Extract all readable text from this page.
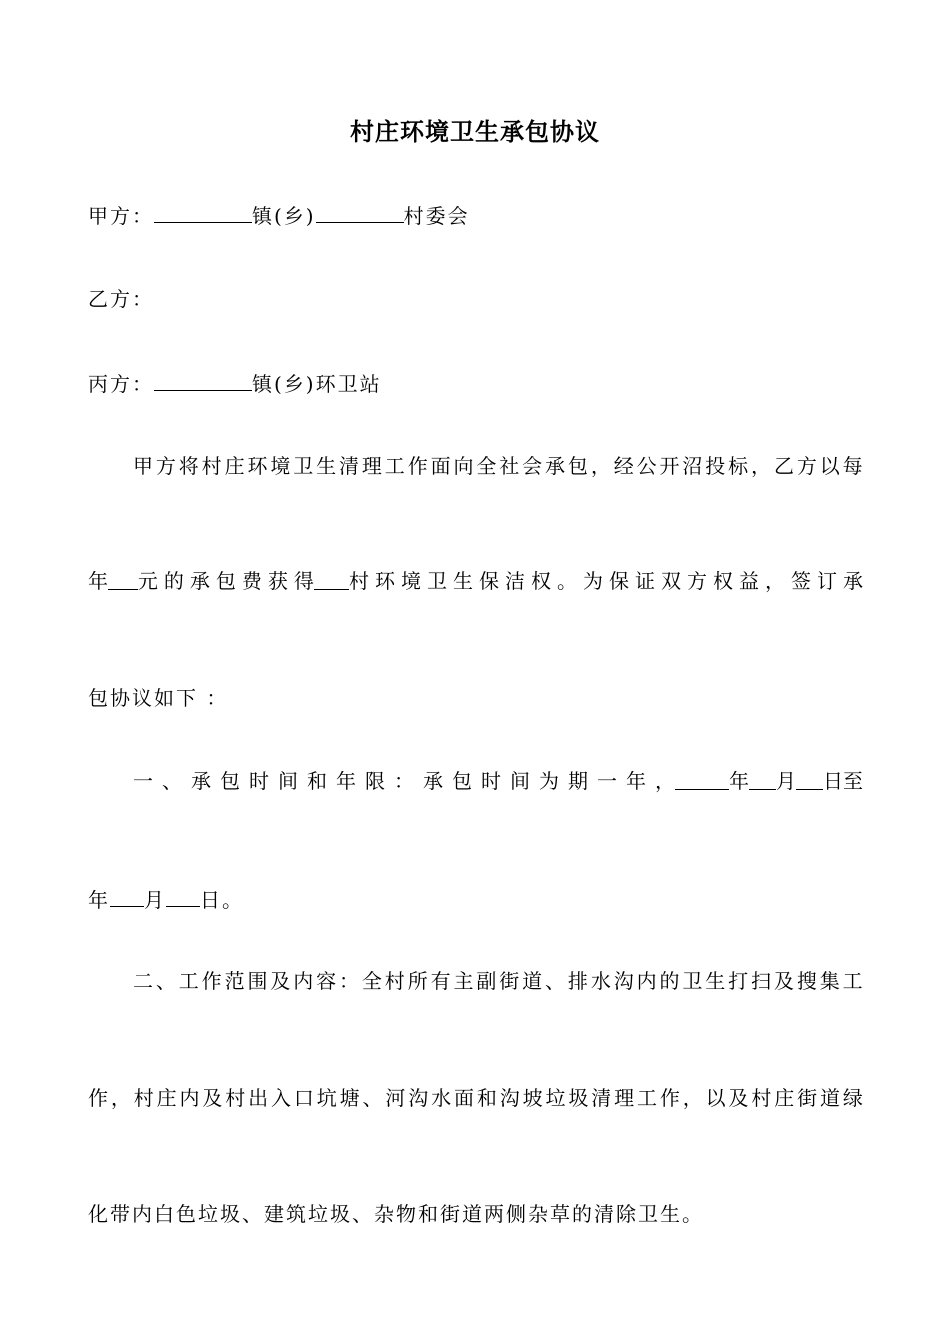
村庄环境卫生承包协议
甲方：	镇(乡)	村委会
乙方：
丙方：	镇(乡)环卫站
甲 方 将 村 庄 环 境 卫 生 清 理 工 作 面 向 全 社 会 承 包 ， 经 公 开 沼 投 标 ， 乙 方 以 每
年 元 的 承 包 费 获 得 村 环 境 卫 生 保 洁 权 。 为 保 证 双 方 权 益 ， 签 订 承
包协议如下 ：
一 、 承 包 时 间 和 年 限 ： 承 包 时 间 为 期 一 年 ，	年 月 日至
年 月 日。
二 、 工 作 范 围 及 内 容 ： 全 村 所 有 主 副 街 道 、 排 水 沟 内 的 卫 生 打 扫 及 搜 集 工
作 ， 村 庄 内 及 村 出 入 口 坑 塘 、 河 沟 水 面 和 沟 坡 垃 圾 清 理 工 作 ， 以 及 村 庄 街 道 绿
化带内白色垃圾、建筑垃圾、杂物和街道两侧杂草的清除卫生。
